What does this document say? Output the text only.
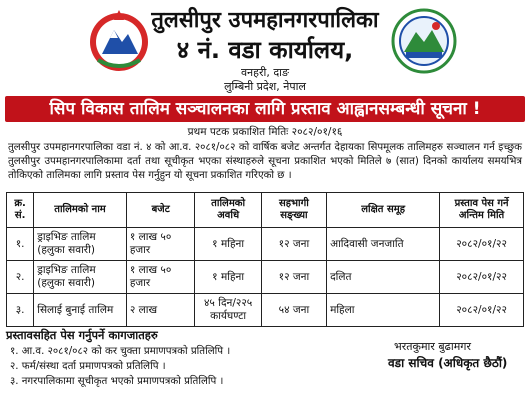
तुलसीपुर उपमहानगरपालिका
४ नं. वडा कार्यालय,
वनहरी, दाङ
लुम्बिनी प्रदेश, नेपाल
सिप विकास तालिम सञ्चालनका लागि प्रस्ताव आह्वानसम्बन्धी सूचना !
प्रथम पटक प्रकाशित मितिः २०८२/०१/१६
तुलसीपुर उपमहानगरपालिका वडा नं. ४ को आ.व. २०८१/०८२ को वार्षिक बजेट अन्तर्गत देहायका सिपमूलक तालिमहरु सञ्चालन गर्न इच्छुक तुलसीपुर उपमहानगरपालिकामा दर्ता तथा सूचीकृत भएका संस्थाहरुले सूचना प्रकाशित भएको मितिले ७ (सात) दिनको कार्यालय समयभित्र तोकिएको तालिमका लागि प्रस्ताव पेस गर्नुहुन यो सूचना प्रकाशित गरिएको छ ।
क्र. सं.	तालिमको नाम	बजेट	तालिमको अवधि	सहभागी सङ्ख्या	लक्षित समूह	प्रस्ताव पेस गर्ने अन्तिम मिति
१.	ड्राइभिङ तालिम (हलुका सवारी)	१ लाख ५० हजार	१ महिना	१२ जना	आदिवासी जनजाति	२०८२/०१/२२
२.	ड्राइभिङ तालिम (हलुका सवारी)	१ लाख ५० हजार	१ महिना	१२ जना	दलित	२०८२/०१/२२
३.	सिलाई बुनाई तालिम	२ लाख	४५ दिन/२२५ कार्यघण्टा	५४ जना	महिला	२०८२/०१/२२
प्रस्तावसहित पेस गर्नुपर्ने कागजातहरु
१. आ.व. २०८१/०८२ को कर चुक्ता प्रमाणपत्रको प्रतिलिपि ।
२. फर्म/संस्था दर्ता प्रमाणपत्रको प्रतिलिपि ।
३. नगरपालिकामा सूचीकृत भएको प्रमाणपत्रको प्रतिलिपि ।
भरतकुमार बुढामगर
वडा सचिव (अधिकृत छैठौं)
